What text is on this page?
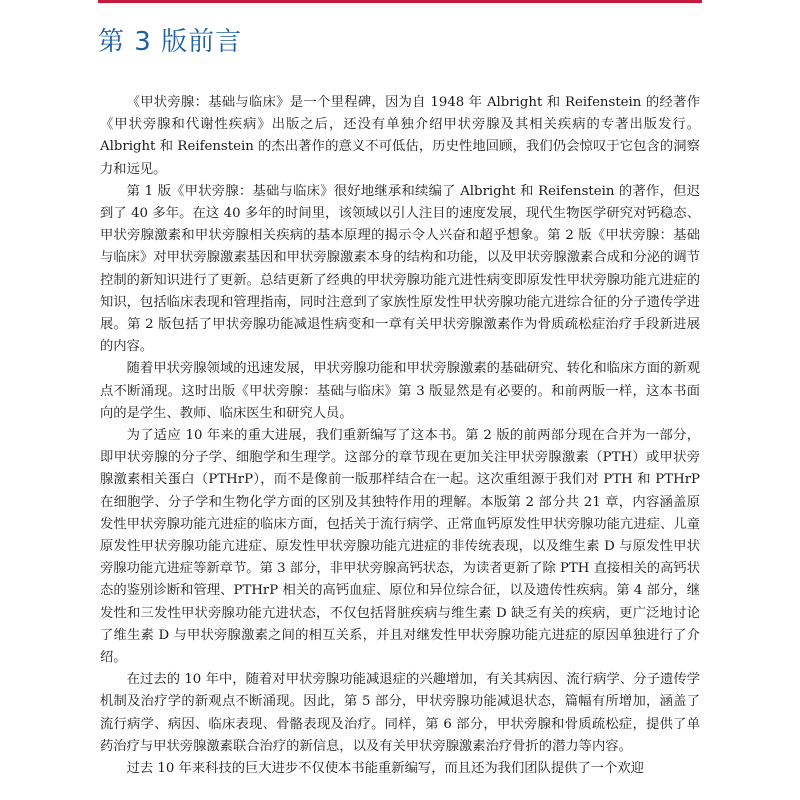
第 3 版前言

《甲状旁腺：基础与临床》是一个里程碑，因为自 1948 年 Albright 和 Reifenstein 的经著作《甲状旁腺和代谢性疾病》出版之后，还没有单独介绍甲状旁腺及其相关疾病的专著出版发行。Albright 和 Reifenstein 的杰出著作的意义不可低估，历史性地回顾，我们仍会惊叹于它包含的洞察力和远见。

第 1 版《甲状旁腺：基础与临床》很好地继承和续编了 Albright 和 Reifenstein 的著作，但迟到了 40 多年。在这 40 多年的时间里，该领域以引人注目的速度发展，现代生物医学研究对钙稳态、甲状旁腺激素和甲状旁腺相关疾病的基本原理的揭示令人兴奋和超乎想象。第 2 版《甲状旁腺：基础与临床》对甲状旁腺激素基因和甲状旁腺激素本身的结构和功能，以及甲状旁腺激素合成和分泌的调节控制的新知识进行了更新。总结更新了经典的甲状旁腺功能亢进性病变即原发性甲状旁腺功能亢进症的知识，包括临床表现和管理指南，同时注意到了家族性原发性甲状旁腺功能亢进综合征的分子遗传学进展。第 2 版包括了甲状旁腺功能减退性病变和一章有关甲状旁腺激素作为骨质疏松症治疗手段新进展的内容。

随着甲状旁腺领域的迅速发展，甲状旁腺功能和甲状旁腺激素的基础研究、转化和临床方面的新观点不断涌现。这时出版《甲状旁腺：基础与临床》第 3 版显然是有必要的。和前两版一样，这本书面向的是学生、教师、临床医生和研究人员。

为了适应 10 年来的重大进展，我们重新编写了这本书。第 2 版的前两部分现在合并为一部分，即甲状旁腺的分子学、细胞学和生理学。这部分的章节现在更加关注甲状旁腺激素（PTH）或甲状旁腺激素相关蛋白（PTHrP），而不是像前一版那样结合在一起。这次重组源于我们对 PTH 和 PTHrP 在细胞学、分子学和生物化学方面的区别及其独特作用的理解。本版第 2 部分共 21 章，内容涵盖原发性甲状旁腺功能亢进症的临床方面，包括关于流行病学、正常血钙原发性甲状旁腺功能亢进症、儿童原发性甲状旁腺功能亢进症、原发性甲状旁腺功能亢进症的非传统表现，以及维生素 D 与原发性甲状旁腺功能亢进症等新章节。第 3 部分，非甲状旁腺高钙状态，为读者更新了除 PTH 直接相关的高钙状态的鉴别诊断和管理、PTHrP 相关的高钙血症、原位和异位综合征，以及遗传性疾病。第 4 部分，继发性和三发性甲状旁腺功能亢进状态，不仅包括肾脏疾病与维生素 D 缺乏有关的疾病，更广泛地讨论了维生素 D 与甲状旁腺激素之间的相互关系，并且对继发性甲状旁腺功能亢进症的原因单独进行了介绍。

在过去的 10 年中，随着对甲状旁腺功能减退症的兴趣增加，有关其病因、流行病学、分子遗传学机制及治疗学的新观点不断涌现。因此，第 5 部分，甲状旁腺功能减退状态，篇幅有所增加，涵盖了流行病学、病因、临床表现、骨骼表现及治疗。同样，第 6 部分，甲状旁腺和骨质疏松症，提供了单药治疗与甲状旁腺激素联合治疗的新信息，以及有关甲状旁腺激素治疗骨折的潜力等内容。

过去 10 年来科技的巨大进步不仅使本书能重新编写，而且还为我们团队提供了一个欢迎
